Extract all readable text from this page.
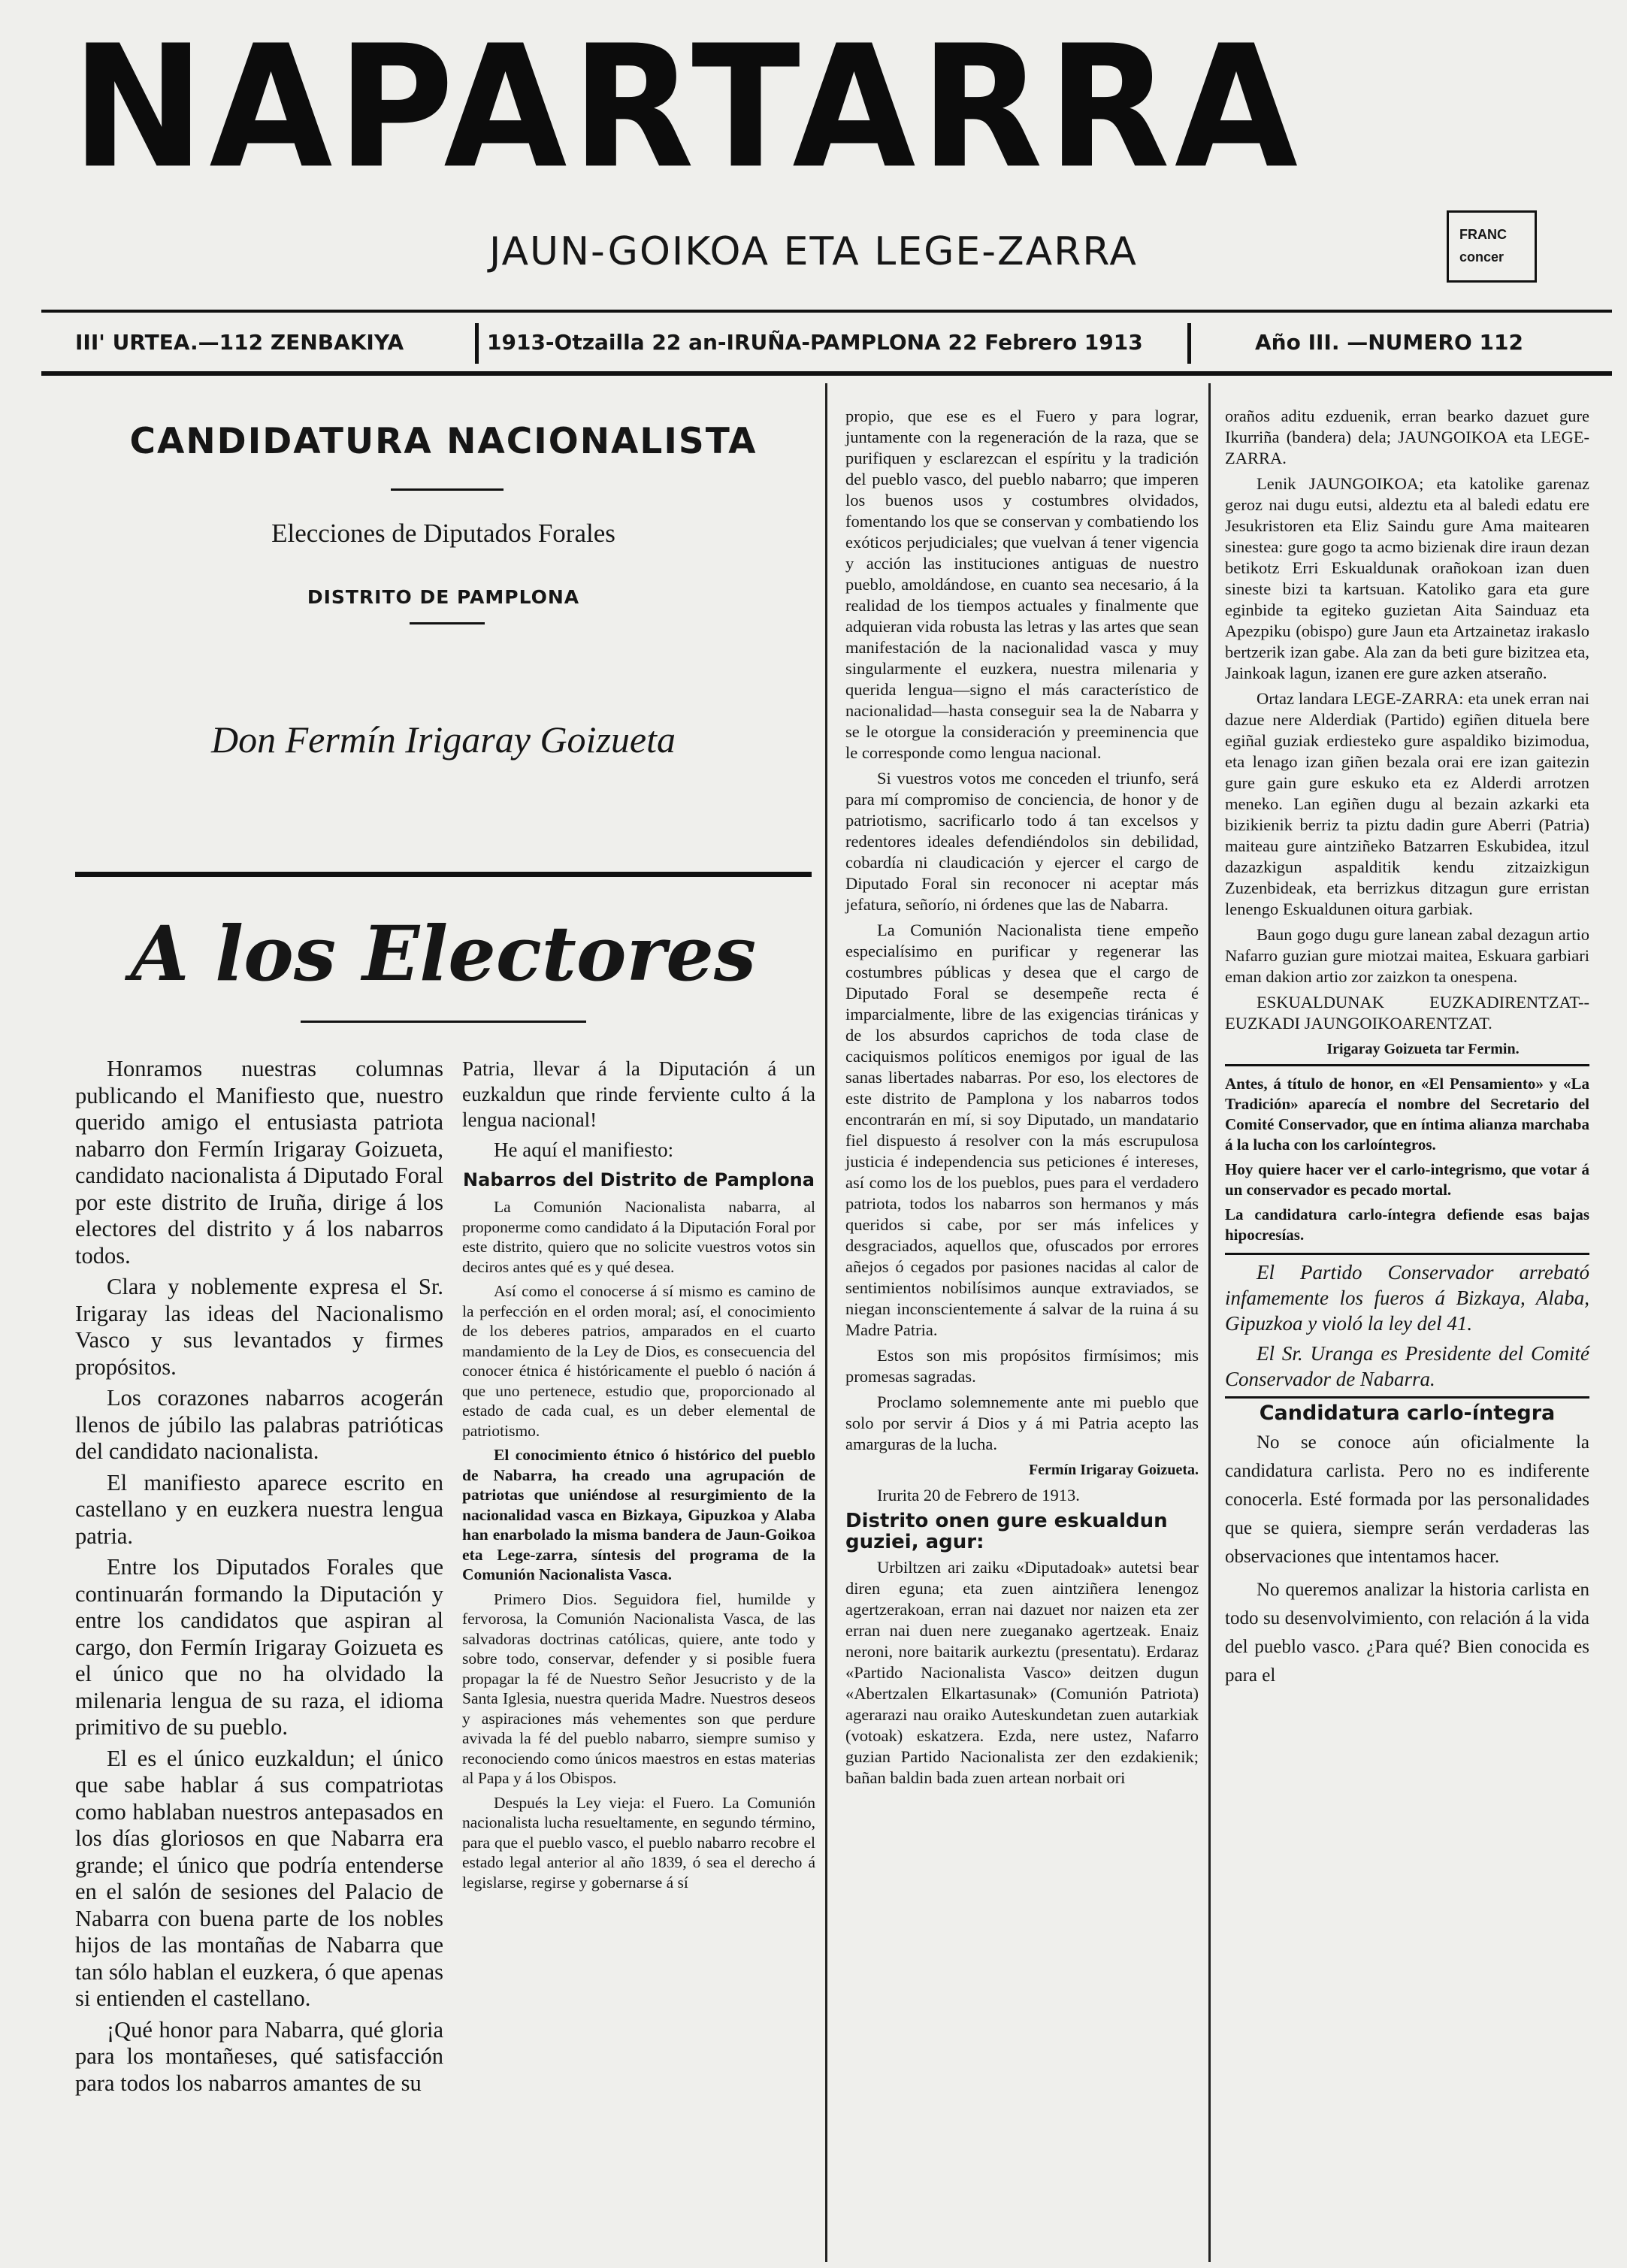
NAPARTARRA
JAUN-GOIKOA ETA LEGE-ZARRA	FRANC
concer
III' URTEA.—112 ZENBAKIYA	1913-Otzailla 22 an-IRUÑA-PAMPLONA 22 Febrero 1913	Año III. —NUMERO 112
CANDIDATURA NACIONALISTA
Elecciones de Diputados Forales
DISTRITO DE PAMPLONA
Don Fermín Irigaray Goizueta
A los Electores

Honramos nuestras columnas publicando el Manifiesto que, nuestro querido amigo el entusiasta patriota nabarro don Fermín Irigaray Goizueta, candidato nacionalista á Diputado Foral por este distrito de Iruña, dirige á los electores del distrito y á los nabarros todos.

Clara y noblemente expresa el Sr. Irigaray las ideas del Nacionalismo Vasco y sus levantados y firmes propósitos.

Los corazones nabarros acogerán llenos de júbilo las palabras patrióticas del candidato nacionalista.

El manifiesto aparece escrito en castellano y en euzkera nuestra lengua patria.

Entre los Diputados Forales que continuarán formando la Diputación y entre los candidatos que aspiran al cargo, don Fermín Irigaray Goizueta es el único que no ha olvidado la milenaria lengua de su raza, el idioma primitivo de su pueblo.

El es el único euzkaldun; el único que sabe hablar á sus compatriotas como hablaban nuestros antepasados en los días gloriosos en que Nabarra era grande; el único que podría entenderse en el salón de sesiones del Palacio de Nabarra con buena parte de los nobles hijos de las montañas de Nabarra que tan sólo hablan el euzkera, ó que apenas si entienden el castellano.

¡Qué honor para Nabarra, qué gloria para los montañeses, qué satisfacción para todos los nabarros amantes de su

Patria, llevar á la Diputación á un euzkaldun que rinde ferviente culto á la lengua nacional!

He aquí el manifiesto:

Nabarros del Distrito de Pamplona

La Comunión Nacionalista nabarra, al proponerme como candidato á la Diputación Foral por este distrito, quiero que no solicite vuestros votos sin deciros antes qué es y qué desea.

Así como el conocerse á sí mismo es camino de la perfección en el orden moral; así, el conocimiento de los deberes patrios, amparados en el cuarto mandamiento de la Ley de Dios, es consecuencia del conocer étnica é históricamente el pueblo ó nación á que uno pertenece, estudio que, proporcionado al estado de cada cual, es un deber elemental de patriotismo.

El conocimiento étnico ó histórico del pueblo de Nabarra, ha creado una agrupación de patriotas que uniéndose al resurgimiento de la nacionalidad vasca en Bizkaya, Gipuzkoa y Alaba han enarbolado la misma bandera de Jaun-Goikoa eta Lege-zarra, síntesis del programa de la Comunión Nacionalista Vasca.

Primero Dios. Seguidora fiel, humilde y fervorosa, la Comunión Nacionalista Vasca, de las salvadoras doctrinas católicas, quiere, ante todo y sobre todo, conservar, defender y si posible fuera propagar la fé de Nuestro Señor Jesucristo y de la Santa Iglesia, nuestra querida Madre. Nuestros deseos y aspiraciones más vehementes son que perdure avivada la fé del pueblo nabarro, siempre sumiso y reconociendo como únicos maestros en estas materias al Papa y á los Obispos.

Después la Ley vieja: el Fuero. La Comunión nacionalista lucha resueltamente, en segundo término, para que el pueblo vasco, el pueblo nabarro recobre el estado legal anterior al año 1839, ó sea el derecho á legislarse, regirse y gobernarse á sí

propio, que ese es el Fuero y para lograr, juntamente con la regeneración de la raza, que se purifiquen y esclarezcan el espíritu y la tradición del pueblo vasco, del pueblo nabarro; que imperen los buenos usos y costumbres olvidados, fomentando los que se conservan y combatiendo los exóticos perjudiciales; que vuelvan á tener vigencia y acción las instituciones antiguas de nuestro pueblo, amoldándose, en cuanto sea necesario, á la realidad de los tiempos actuales y finalmente que adquieran vida robusta las letras y las artes que sean manifestación de la nacionalidad vasca y muy singularmente el euzkera, nuestra milenaria y querida lengua—signo el más característico de nacionalidad—hasta conseguir sea la de Nabarra y se le otorgue la consideración y preeminencia que le corresponde como lengua nacional.

Si vuestros votos me conceden el triunfo, será para mí compromiso de conciencia, de honor y de patriotismo, sacrificarlo todo á tan excelsos y redentores ideales defendiéndolos sin debilidad, cobardía ni claudicación y ejercer el cargo de Diputado Foral sin reconocer ni aceptar más jefatura, señorío, ni órdenes que las de Nabarra.

La Comunión Nacionalista tiene empeño especialísimo en purificar y regenerar las costumbres públicas y desea que el cargo de Diputado Foral se desempeñe recta é imparcialmente, libre de las exigencias tiránicas y de los absurdos caprichos de toda clase de caciquismos políticos enemigos por igual de las sanas libertades nabarras. Por eso, los electores de este distrito de Pamplona y los nabarros todos encontrarán en mí, si soy Diputado, un mandatario fiel dispuesto á resolver con la más escrupulosa justicia é independencia sus peticiones é intereses, así como los de los pueblos, pues para el verdadero patriota, todos los nabarros son hermanos y más queridos si cabe, por ser más infelices y desgraciados, aquellos que, ofuscados por errores añejos ó cegados por pasiones nacidas al calor de sentimientos nobilísimos aunque extraviados, se niegan inconscientemente á salvar de la ruina á su Madre Patria.

Estos son mis propósitos firmísimos; mis promesas sagradas.

Proclamo solemnemente ante mi pueblo que solo por servir á Dios y á mi Patria acepto las amarguras de la lucha.

Fermín Irigaray Goizueta.

Irurita 20 de Febrero de 1913.

Distrito onen gure eskualdun guziei, agur:

Urbiltzen ari zaiku «Diputadoak» autetsi bear diren eguna; eta zuen aintziñera lenengoz agertzerakoan, erran nai dazuet nor naizen eta zer erran nai duen nere zueganako agertzeak. Enaiz neroni, nore baitarik aurkeztu (presentatu). Erdaraz «Partido Nacionalista Vasco» deitzen dugun «Abertzalen Elkartasunak» (Comunión Patriota) agerarazi nau oraiko Auteskundetan zuen autarkiak (votoak) eskatzera. Ezda, nere ustez, Nafarro guzian Partido Nacionalista zer den ezdakienik; bañan baldin bada zuen artean norbait ori

oraños aditu ezduenik, erran bearko dazuet gure Ikurriña (bandera) dela; JAUNGOIKOA eta LEGE-ZARRA.

Lenik JAUNGOIKOA; eta katolike garenaz geroz nai dugu eutsi, aldeztu eta al baledi edatu ere Jesukristoren eta Eliz Saindu gure Ama maitearen sinestea: gure gogo ta acmo bizienak dire iraun dezan betikotz Erri Eskualdunak orañokoan izan duen sineste bizi ta kartsuan. Katoliko gara eta gure eginbide ta egiteko guzietan Aita Sainduaz eta Apezpiku (obispo) gure Jaun eta Artzainetaz irakaslo bertzerik izan gabe. Ala zan da beti gure bizitzea eta, Jainkoak lagun, izanen ere gure azken atseraño.

Ortaz landara LEGE-ZARRA: eta unek erran nai dazue nere Alderdiak (Partido) egiñen dituela bere egiñal guziak erdiesteko gure aspaldiko bizimodua, eta lenago izan giñen bezala orai ere izan gaitezin gure gain gure eskuko eta ez Alderdi arrotzen meneko. Lan egiñen dugu al bezain azkarki eta bizikienik berriz ta piztu dadin gure Aberri (Patria) maiteau gure aintziñeko Batzarren Eskubidea, itzul dazazkigun aspalditik kendu zitzaizkigun Zuzenbideak, eta berrizkus ditzagun gure erristan lenengo Eskualdunen oitura garbiak.

Baun gogo dugu gure lanean zabal dezagun artio Nafarro guzian gure miotzai maitea, Eskuara garbiari eman dakion artio zor zaizkon ta onespena.

ESKUALDUNAK EUZKADIRENTZAT--EUZKADI JAUNGOIKOARENTZAT.

Irigaray Goizueta tar Fermin.

Antes, á título de honor, en «El Pensamiento» y «La Tradición» aparecía el nombre del Secretario del Comité Conservador, que en íntima alianza marchaba á la lucha con los carloíntegros.

Hoy quiere hacer ver el carlo-integrismo, que votar á un conservador es pecado mortal.

La candidatura carlo-íntegra defiende esas bajas hipocresías.

El Partido Conservador arrebató infamemente los fueros á Bizkaya, Alaba, Gipuzkoa y violó la ley del 41.

El Sr. Uranga es Presidente del Comité Conservador de Nabarra.

Candidatura carlo-íntegra

No se conoce aún oficialmente la candidatura carlista. Pero no es indiferente conocerla. Esté formada por las personalidades que se quiera, siempre serán verdaderas las observaciones que intentamos hacer.

No queremos analizar la historia carlista en todo su desenvolvimiento, con relación á la vida del pueblo vasco. ¿Para qué? Bien conocida es para el
